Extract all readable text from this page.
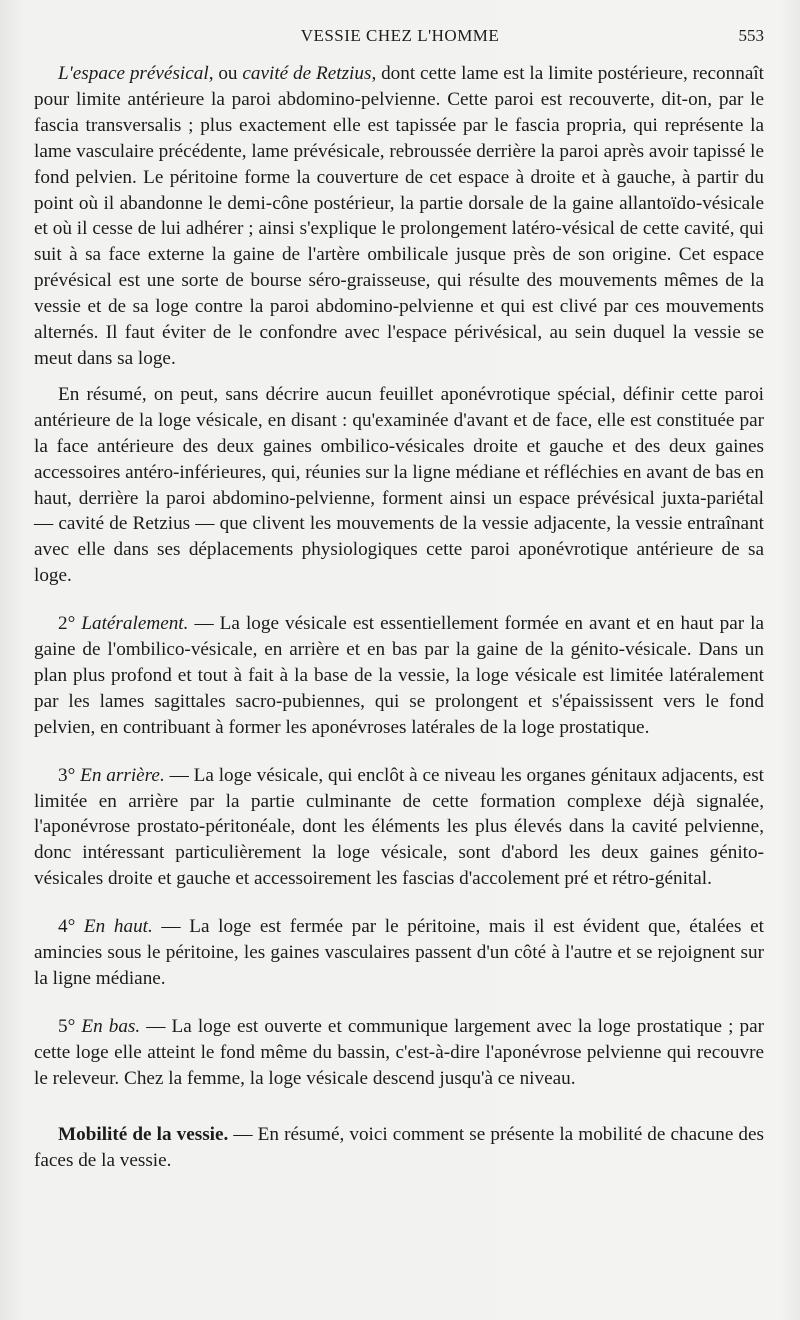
VESSIE CHEZ L'HOMME	553

L'espace prévésical, ou cavité de Retzius, dont cette lame est la limite postérieure, reconnaît pour limite antérieure la paroi abdomino-pelvienne. Cette paroi est recouverte, dit-on, par le fascia transversalis ; plus exactement elle est tapissée par le fascia propria, qui représente la lame vasculaire précédente, lame prévésicale, rebroussée derrière la paroi après avoir tapissé le fond pelvien. Le péritoine forme la couverture de cet espace à droite et à gauche, à partir du point où il abandonne le demi-cône postérieur, la partie dorsale de la gaine allantoïdo-vésicale et où il cesse de lui adhérer ; ainsi s'explique le prolongement latéro-vésical de cette cavité, qui suit à sa face externe la gaine de l'artère ombilicale jusque près de son origine. Cet espace prévésical est une sorte de bourse séro-graisseuse, qui résulte des mouvements mêmes de la vessie et de sa loge contre la paroi abdomino-pelvienne et qui est clivé par ces mouvements alternés. Il faut éviter de le confondre avec l'espace périvésical, au sein duquel la vessie se meut dans sa loge.

En résumé, on peut, sans décrire aucun feuillet aponévrotique spécial, définir cette paroi antérieure de la loge vésicale, en disant : qu'examinée d'avant et de face, elle est constituée par la face antérieure des deux gaines ombilico-vésicales droite et gauche et des deux gaines accessoires antéro-inférieures, qui, réunies sur la ligne médiane et réfléchies en avant de bas en haut, derrière la paroi abdomino-pelvienne, forment ainsi un espace prévésical juxta-pariétal — cavité de Retzius — que clivent les mouvements de la vessie adjacente, la vessie entraînant avec elle dans ses déplacements physiologiques cette paroi aponévrotique antérieure de sa loge.

2° Latéralement. — La loge vésicale est essentiellement formée en avant et en haut par la gaine de l'ombilico-vésicale, en arrière et en bas par la gaine de la génito-vésicale. Dans un plan plus profond et tout à fait à la base de la vessie, la loge vésicale est limitée latéralement par les lames sagittales sacro-pubiennes, qui se prolongent et s'épaississent vers le fond pelvien, en contribuant à former les aponévroses latérales de la loge prostatique.

3° En arrière. — La loge vésicale, qui enclôt à ce niveau les organes génitaux adjacents, est limitée en arrière par la partie culminante de cette formation complexe déjà signalée, l'aponévrose prostato-péritonéale, dont les éléments les plus élevés dans la cavité pelvienne, donc intéressant particulièrement la loge vésicale, sont d'abord les deux gaines génito-vésicales droite et gauche et accessoirement les fascias d'accolement pré et rétro-génital.

4° En haut. — La loge est fermée par le péritoine, mais il est évident que, étalées et amincies sous le péritoine, les gaines vasculaires passent d'un côté à l'autre et se rejoignent sur la ligne médiane.

5° En bas. — La loge est ouverte et communique largement avec la loge prostatique ; par cette loge elle atteint le fond même du bassin, c'est-à-dire l'aponévrose pelvienne qui recouvre le releveur. Chez la femme, la loge vésicale descend jusqu'à ce niveau.

Mobilité de la vessie. — En résumé, voici comment se présente la mobilité de chacune des faces de la vessie.
